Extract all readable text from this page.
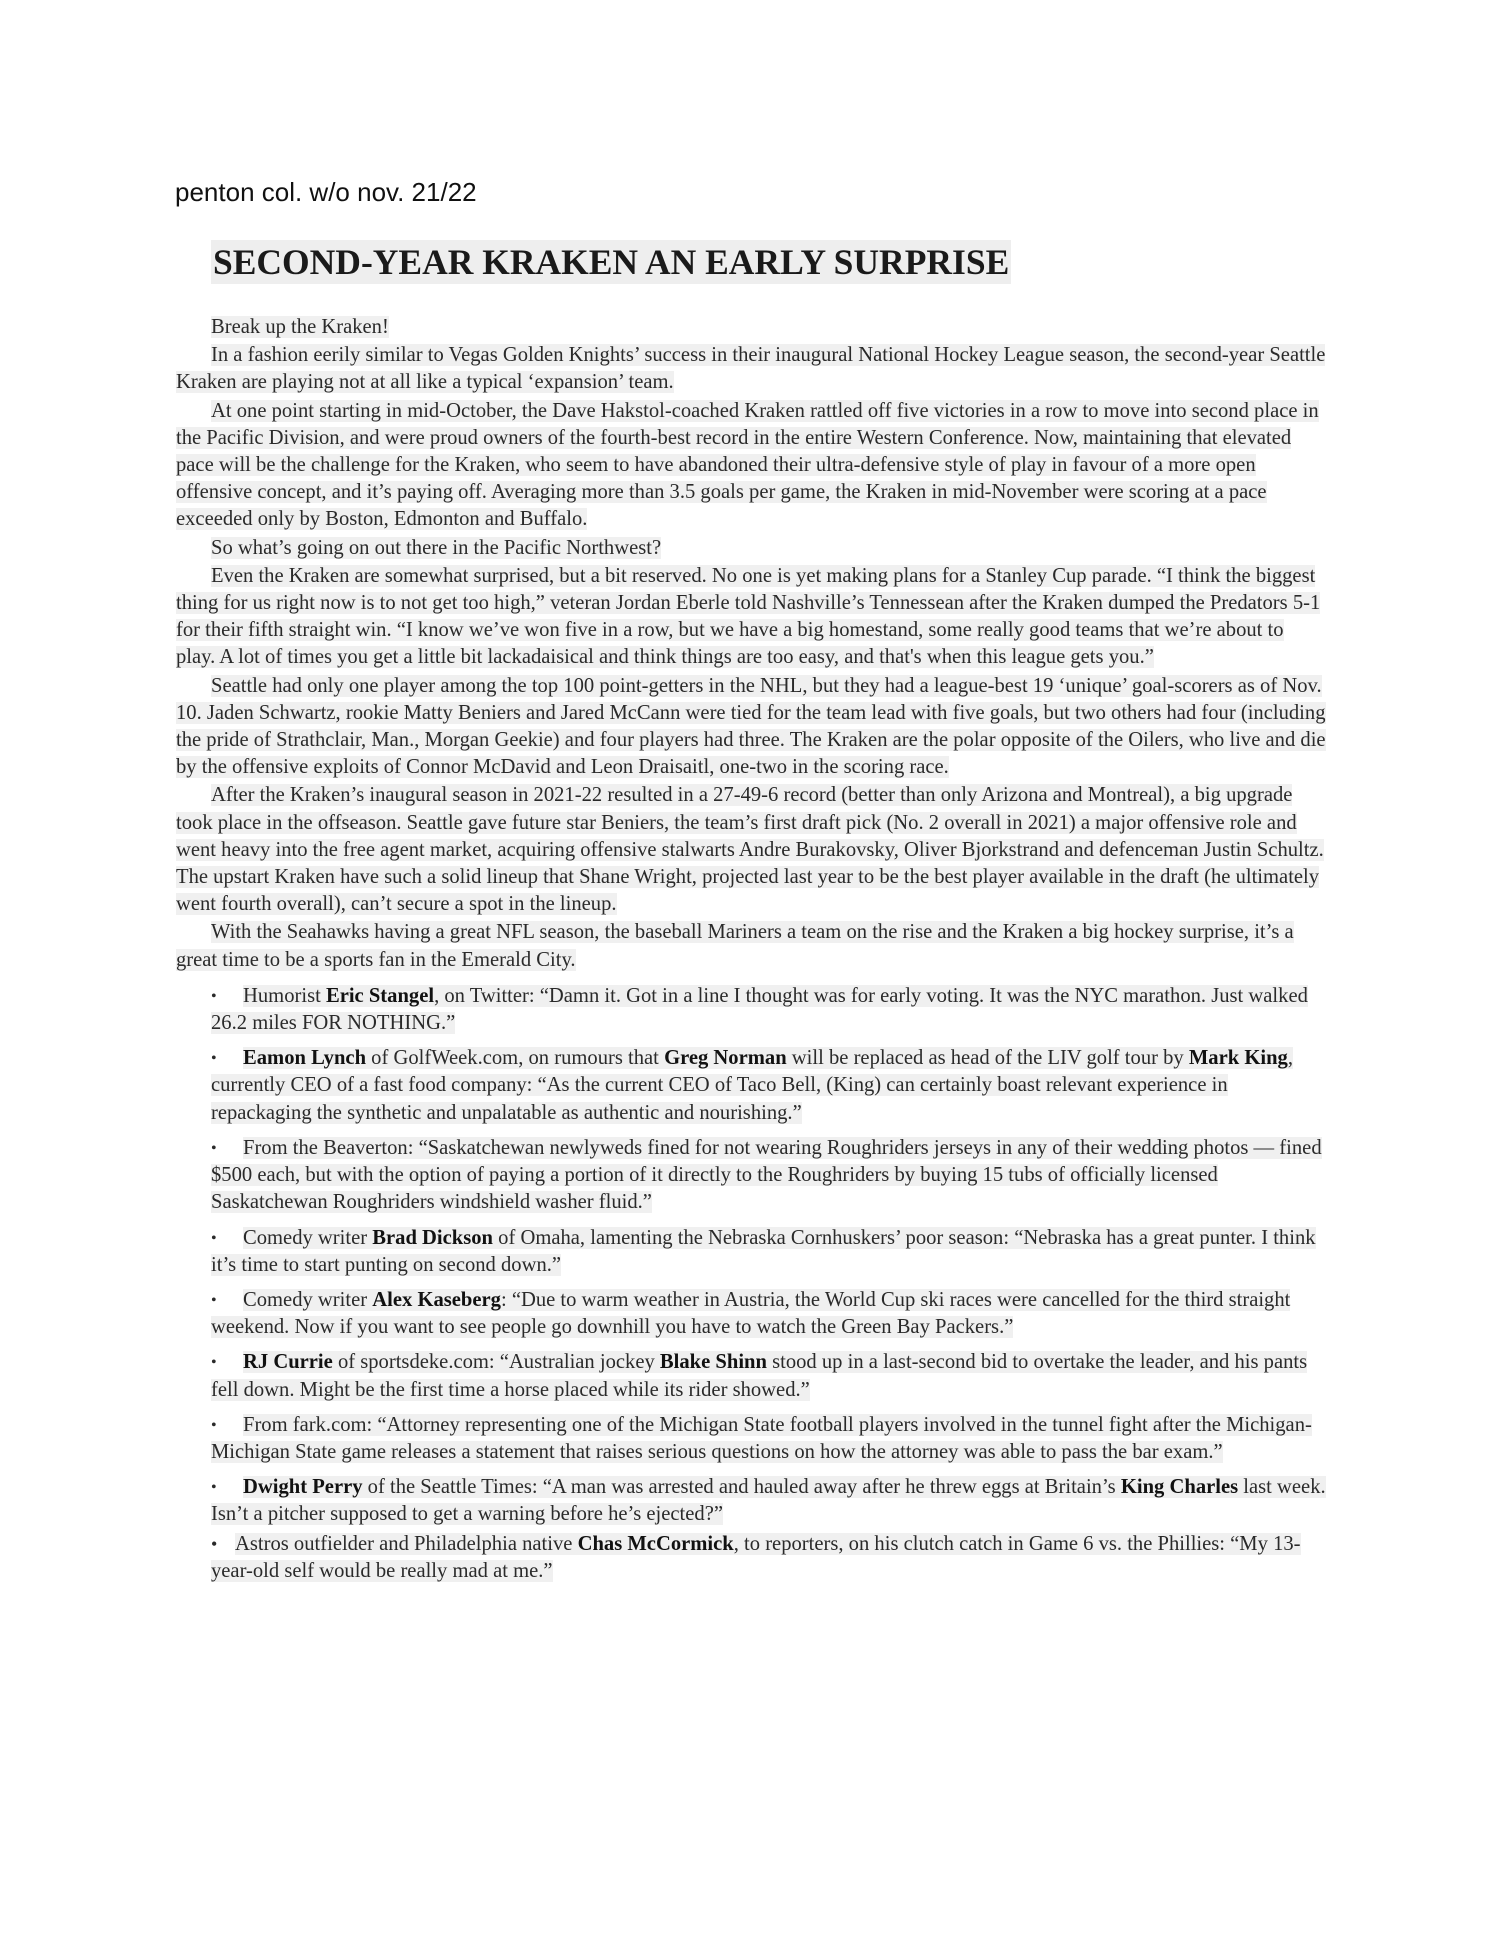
penton col. w/o nov. 21/22

SECOND-YEAR KRAKEN AN EARLY SURPRISE

Break up the Kraken!

In a fashion eerily similar to Vegas Golden Knights’ success in their inaugural National Hockey League season, the second-year Seattle Kraken are playing not at all like a typical ‘expansion’ team.

At one point starting in mid-October, the Dave Hakstol-coached Kraken rattled off five victories in a row to move into second place in the Pacific Division, and were proud owners of the fourth-best record in the entire Western Conference. Now, maintaining that elevated pace will be the challenge for the Kraken, who seem to have abandoned their ultra-defensive style of play in favour of a more open offensive concept, and it’s paying off. Averaging more than 3.5 goals per game, the Kraken in mid-November were scoring at a pace exceeded only by Boston, Edmonton and Buffalo.

So what’s going on out there in the Pacific Northwest?

Even the Kraken are somewhat surprised, but a bit reserved. No one is yet making plans for a Stanley Cup parade. “I think the biggest thing for us right now is to not get too high,” veteran Jordan Eberle told Nashville’s Tennessean after the Kraken dumped the Predators 5-1 for their fifth straight win. “I know we’ve won five in a row, but we have a big homestand, some really good teams that we’re about to play. A lot of times you get a little bit lackadaisical and think things are too easy, and that's when this league gets you.”

Seattle had only one player among the top 100 point-getters in the NHL, but they had a league-best 19 ‘unique’ goal-scorers as of Nov. 10. Jaden Schwartz, rookie Matty Beniers and Jared McCann were tied for the team lead with five goals, but two others had four (including the pride of Strathclair, Man., Morgan Geekie) and four players had three. The Kraken are the polar opposite of the Oilers, who live and die by the offensive exploits of Connor McDavid and Leon Draisaitl, one-two in the scoring race.

After the Kraken’s inaugural season in 2021-22 resulted in a 27-49-6 record (better than only Arizona and Montreal), a big upgrade took place in the offseason. Seattle gave future star Beniers, the team’s first draft pick (No. 2 overall in 2021) a major offensive role and went heavy into the free agent market, acquiring offensive stalwarts Andre Burakovsky, Oliver Bjorkstrand and defenceman Justin Schultz. The upstart Kraken have such a solid lineup that Shane Wright, projected last year to be the best player available in the draft (he ultimately went fourth overall), can’t secure a spot in the lineup.

With the Seahawks having a great NFL season, the baseball Mariners a team on the rise and the Kraken a big hockey surprise, it’s a great time to be a sports fan in the Emerald City.

•	Humorist Eric Stangel, on Twitter: “Damn it. Got in a line I thought was for early voting. It was the NYC marathon. Just walked 26.2 miles FOR NOTHING.”
•	Eamon Lynch of GolfWeek.com, on rumours that Greg Norman will be replaced as head of the LIV golf tour by Mark King, currently CEO of a fast food company: “As the current CEO of Taco Bell, (King) can certainly boast relevant experience in repackaging the synthetic and unpalatable as authentic and nourishing.”
•	From the Beaverton: “Saskatchewan newlyweds fined for not wearing Roughriders jerseys in any of their wedding photos — fined $500 each, but with the option of paying a portion of it directly to the Roughriders by buying 15 tubs of officially licensed Saskatchewan Roughriders windshield washer fluid.”
•	Comedy writer Brad Dickson of Omaha, lamenting the Nebraska Cornhuskers’ poor season: “Nebraska has a great punter. I think it’s time to start punting on second down.”
•	Comedy writer Alex Kaseberg: “Due to warm weather in Austria, the World Cup ski races were cancelled for the third straight weekend. Now if you want to see people go downhill you have to watch the Green Bay Packers.”
•	RJ Currie of sportsdeke.com: “Australian jockey Blake Shinn stood up in a last-second bid to overtake the leader, and his pants fell down. Might be the first time a horse placed while its rider showed.”
•	From fark.com: “Attorney representing one of the Michigan State football players involved in the tunnel fight after the Michigan-Michigan State game releases a statement that raises serious questions on how the attorney was able to pass the bar exam.”
•	Dwight Perry of the Seattle Times: “A man was arrested and hauled away after he threw eggs at Britain’s King Charles last week. Isn’t a pitcher supposed to get a warning before he’s ejected?”
• Astros outfielder and Philadelphia native Chas McCormick, to reporters, on his clutch catch in Game 6 vs. the Phillies: “My 13-year-old self would be really mad at me.”
